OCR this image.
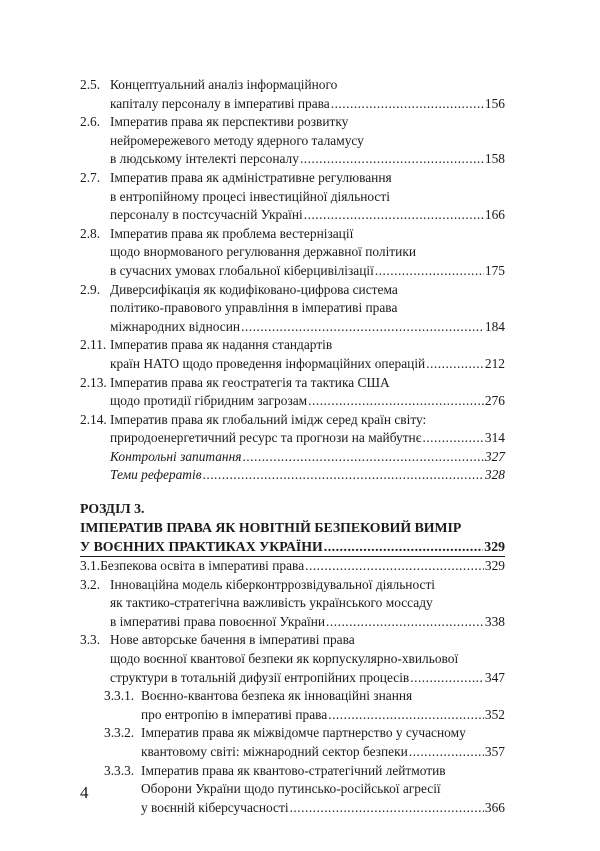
2.5. Концептуальний аналіз інформаційного
капіталу персоналу в імперативі права .....	156
2.6. Імператив права як перспективи розвитку
нейромережевого методу ядерного таламусу
в людському інтелекті персоналу .....	158
2.7. Імператив права як адміністративне регулювання
в ентропійному процесі інвестиційної діяльності
персоналу в постсучасній Україні .....	166
2.8. Імператив права як проблема вестернізації
щодо внормованого регулювання державної політики
в сучасних умовах глобальної кіберцивілізації .....	175
2.9. Диверсифікація як кодифіковано-цифрова система
політико-правового управління в імперативі права
міжнародних відносин .....	184
2.11. Імператив права як надання стандартів
країн НАТО щодо проведення інформаційних операцій .....	212
2.13. Імператив права як геостратегія та тактика США
щодо протидії гібридним загрозам .....	276
2.14. Імператив права як глобальний імідж серед країн світу:
природоенергетичний ресурс та прогнози на майбутнє .....	314
Контрольні запитання .....	327
Теми рефератів .....	328
РОЗДІЛ 3.
ІМПЕРАТИВ ПРАВА ЯК НОВІТНІЙ БЕЗПЕКОВИЙ ВИМІР
У ВОЄННИХ ПРАКТИКАХ УКРАЇНИ .....	329
3.1. Безпекова освіта в імперативі права .....	329
3.2. Інноваційна модель кіберконтррозвідувальної діяльності
як тактико-стратегічна важливість українського моссаду
в імперативі права повоєнної України .....	338
3.3. Нове авторське бачення в імперативі права
щодо воєнної квантової безпеки як корпускулярно-хвильової
структури в тотальній дифузії ентропійних процесів .....	347
3.3.1. Воєнно-квантова безпека як інноваційні знання
про ентропію в імперативі права .....	352
3.3.2. Імператив права як міжвідомче партнерство у сучасному
квантовому світі: міжнародний сектор безпеки .....	357
3.3.3. Імператив права як квантово-стратегічний лейтмотив
Оборони України щодо путинсько-російської агресії
у воєнній кіберсучасності .....	366
4
